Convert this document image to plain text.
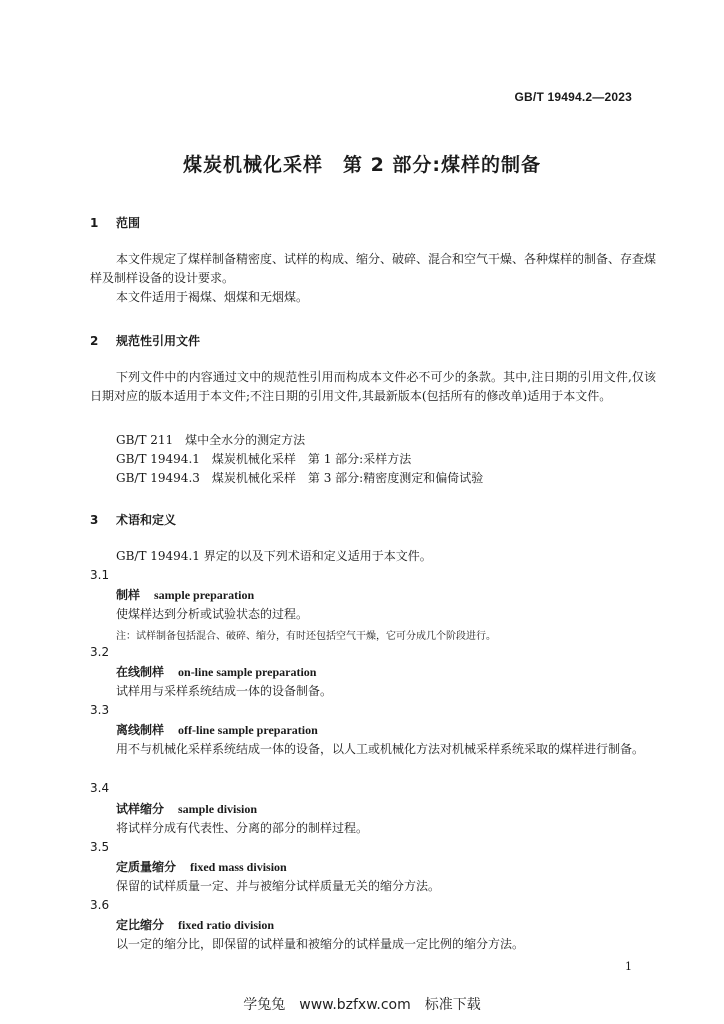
GB/T 19494.2—2023
煤炭机械化采样　第 2 部分:煤样的制备
1 范围
本文件规定了煤样制备精密度、试样的构成、缩分、破碎、混合和空气干燥、各种煤样的制备、存查煤样及制样设备的设计要求。
本文件适用于褐煤、烟煤和无烟煤。
2 规范性引用文件
下列文件中的内容通过文中的规范性引用而构成本文件必不可少的条款。其中,注日期的引用文件,仅该日期对应的版本适用于本文件;不注日期的引用文件,其最新版本(包括所有的修改单)适用于本文件。
GB/T 211　煤中全水分的测定方法
GB/T 19494.1　煤炭机械化采样　第 1 部分:采样方法
GB/T 19494.3　煤炭机械化采样　第 3 部分:精密度测定和偏倚试验
3 术语和定义
GB/T 19494.1 界定的以及下列术语和定义适用于本文件。
3.1
制样 sample preparation
使煤样达到分析或试验状态的过程。
注：试样制备包括混合、破碎、缩分，有时还包括空气干燥，它可分成几个阶段进行。
3.2
在线制样 on-line sample preparation
试样用与采样系统结成一体的设备制备。
3.3
离线制样 off-line sample preparation
用不与机械化采样系统结成一体的设备，以人工或机械化方法对机械采样系统采取的煤样进行制备。
3.4
试样缩分 sample division
将试样分成有代表性、分离的部分的制样过程。
3.5
定质量缩分 fixed mass division
保留的试样质量一定、并与被缩分试样质量无关的缩分方法。
3.6
定比缩分 fixed ratio division
以一定的缩分比，即保留的试样量和被缩分的试样量成一定比例的缩分方法。
1
学兔兔　www.bzfxw.com　标准下载
